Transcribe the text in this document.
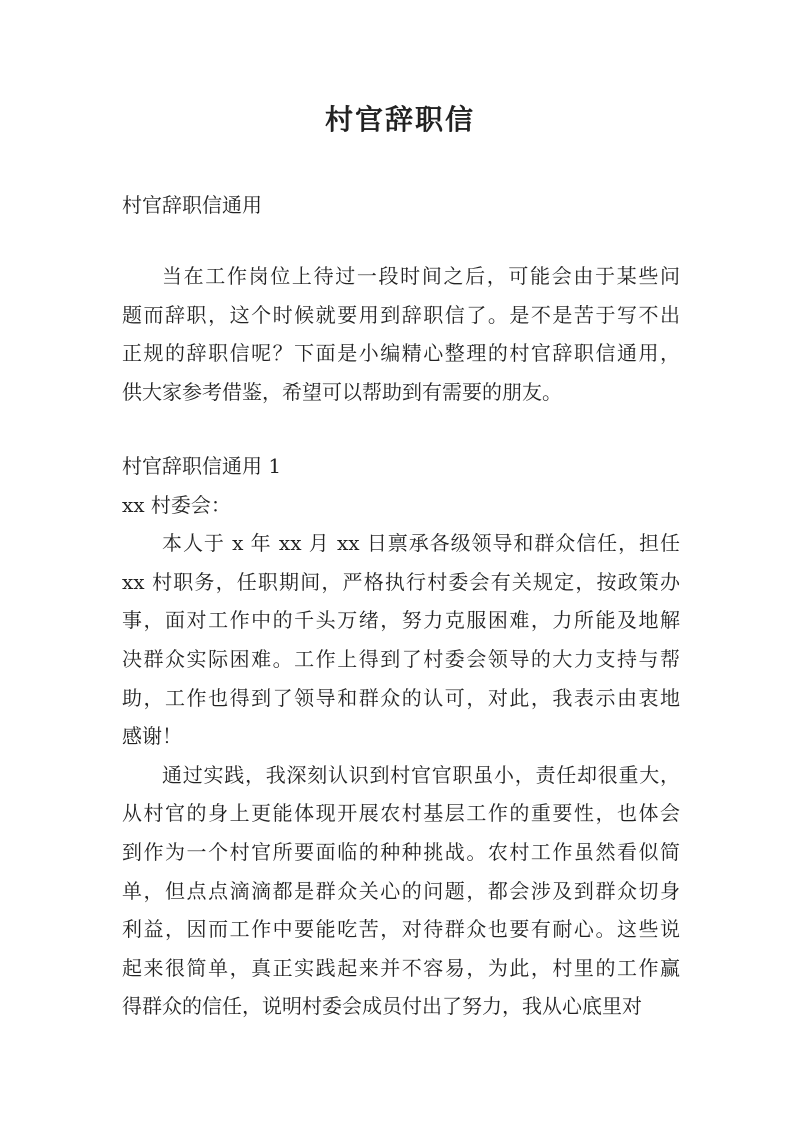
村官辞职信
村官辞职信通用
当在工作岗位上待过一段时间之后，可能会由于某些问
题而辞职，这个时候就要用到辞职信了。是不是苦于写不出
正规的辞职信呢？下面是小编精心整理的村官辞职信通用，
供大家参考借鉴，希望可以帮助到有需要的朋友。
村官辞职信通用 1
xx 村委会：
本人于 x 年 xx 月 xx 日禀承各级领导和群众信任，担任
xx 村职务，任职期间，严格执行村委会有关规定，按政策办
事，面对工作中的千头万绪，努力克服困难，力所能及地解
决群众实际困难。工作上得到了村委会领导的大力支持与帮
助，工作也得到了领导和群众的认可，对此，我表示由衷地
感谢！
通过实践，我深刻认识到村官官职虽小，责任却很重大，
从村官的身上更能体现开展农村基层工作的重要性，也体会
到作为一个村官所要面临的种种挑战。农村工作虽然看似简
单，但点点滴滴都是群众关心的问题，都会涉及到群众切身
利益，因而工作中要能吃苦，对待群众也要有耐心。这些说
起来很简单，真正实践起来并不容易，为此，村里的工作赢
得群众的信任，说明村委会成员付出了努力，我从心底里对
